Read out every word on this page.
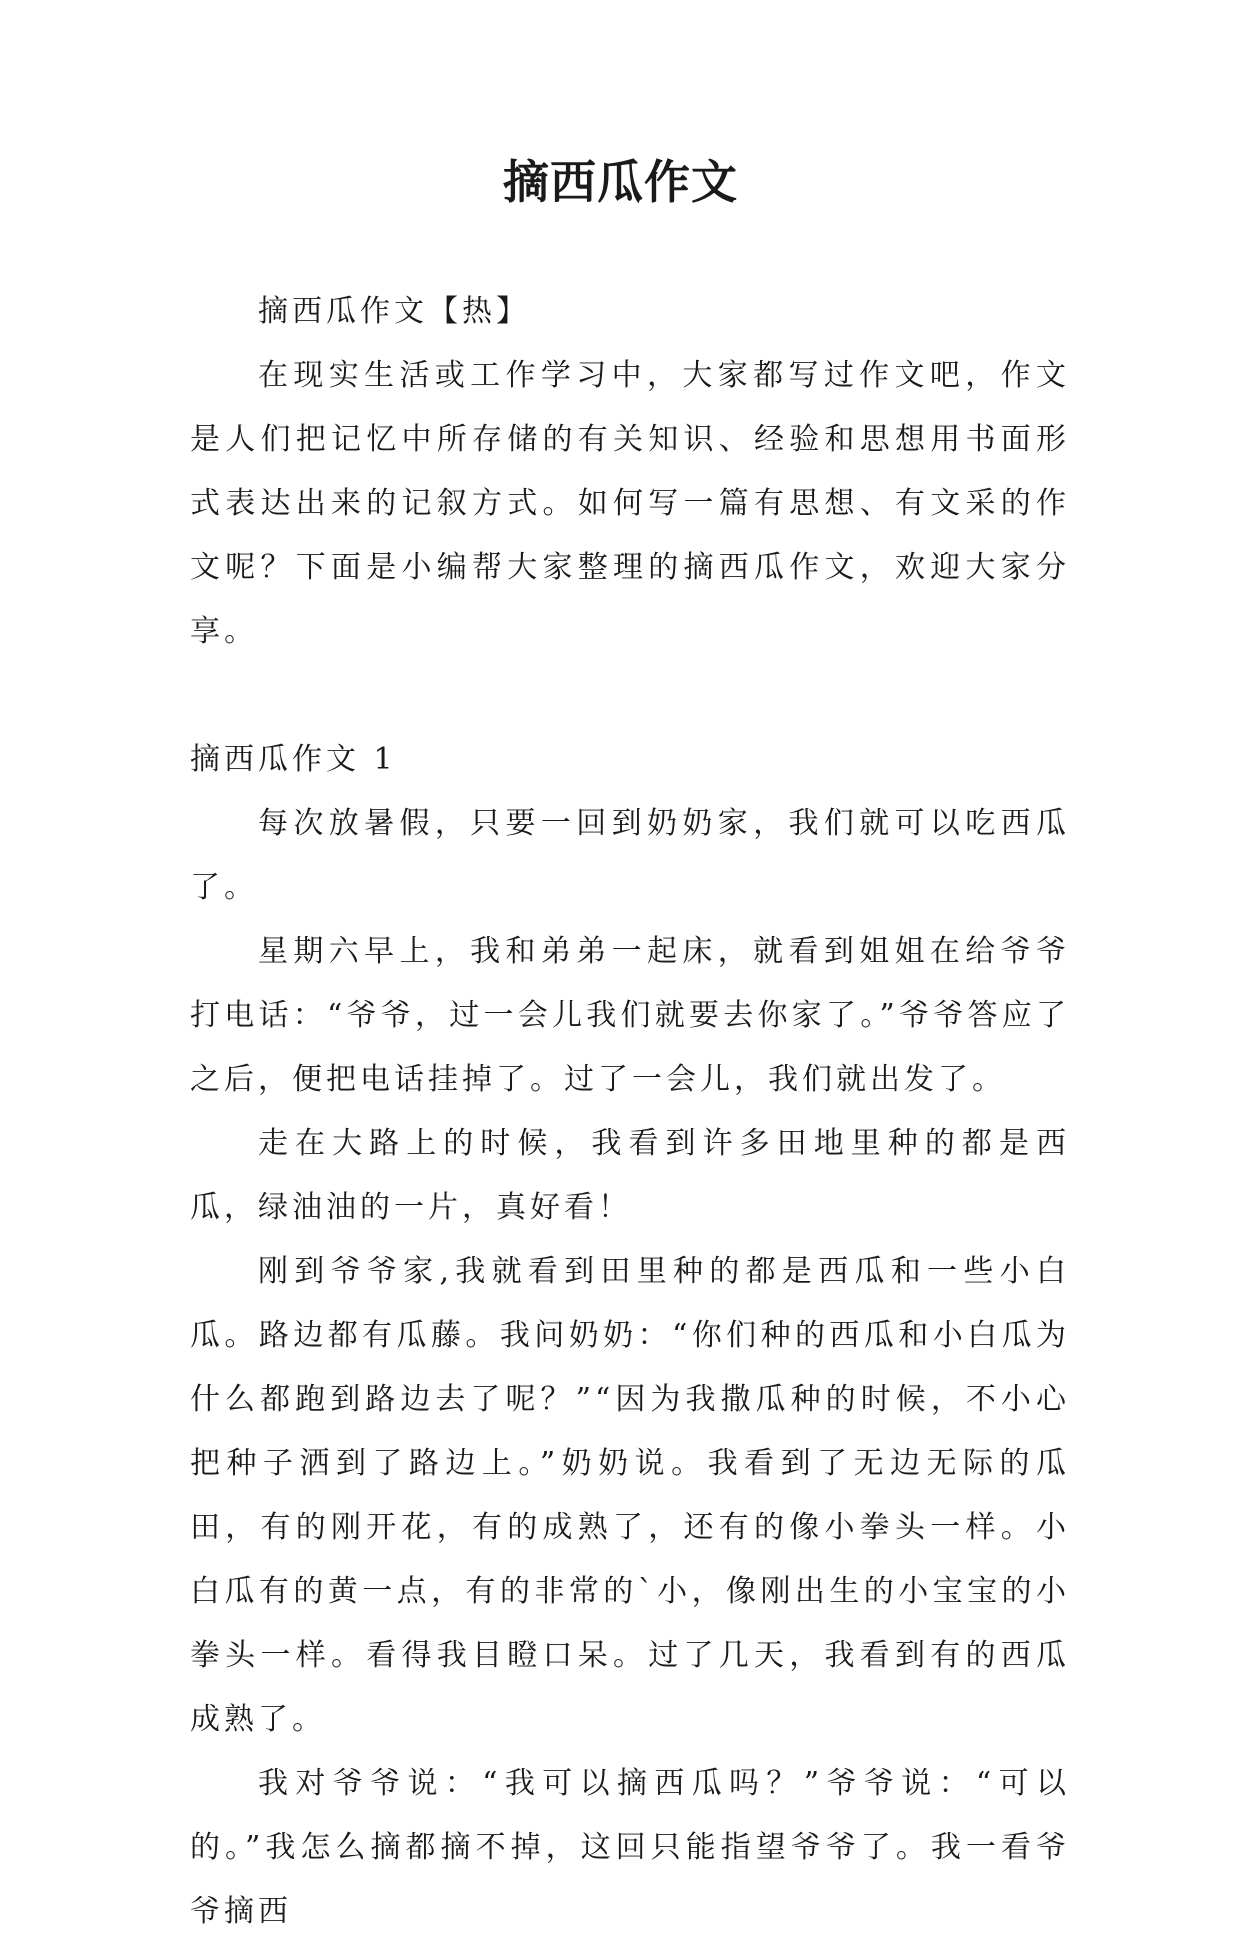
摘西瓜作文

摘西瓜作文【热】

在现实生活或工作学习中，大家都写过作文吧，作文是人们把记忆中所存储的有关知识、经验和思想用书面形式表达出来的记叙方式。如何写一篇有思想、有文采的作文呢？下面是小编帮大家整理的摘西瓜作文，欢迎大家分享。

摘西瓜作文 1

每次放暑假，只要一回到奶奶家，我们就可以吃西瓜了。

星期六早上，我和弟弟一起床，就看到姐姐在给爷爷打电话：“爷爷，过一会儿我们就要去你家了。”爷爷答应了之后，便把电话挂掉了。过了一会儿，我们就出发了。

走在大路上的时候，我看到许多田地里种的都是西瓜，绿油油的一片，真好看！

刚到爷爷家,我就看到田里种的都是西瓜和一些小白瓜。路边都有瓜藤。我问奶奶：“你们种的西瓜和小白瓜为什么都跑到路边去了呢？”“因为我撒瓜种的时候，不小心把种子洒到了路边上。”奶奶说。我看到了无边无际的瓜田，有的刚开花，有的成熟了，还有的像小拳头一样。小白瓜有的黄一点，有的非常的`小，像刚出生的小宝宝的小拳头一样。看得我目瞪口呆。过了几天，我看到有的西瓜成熟了。

我对爷爷说：“我可以摘西瓜吗？”爷爷说：“可以的。”我怎么摘都摘不掉，这回只能指望爷爷了。我一看爷爷摘西
